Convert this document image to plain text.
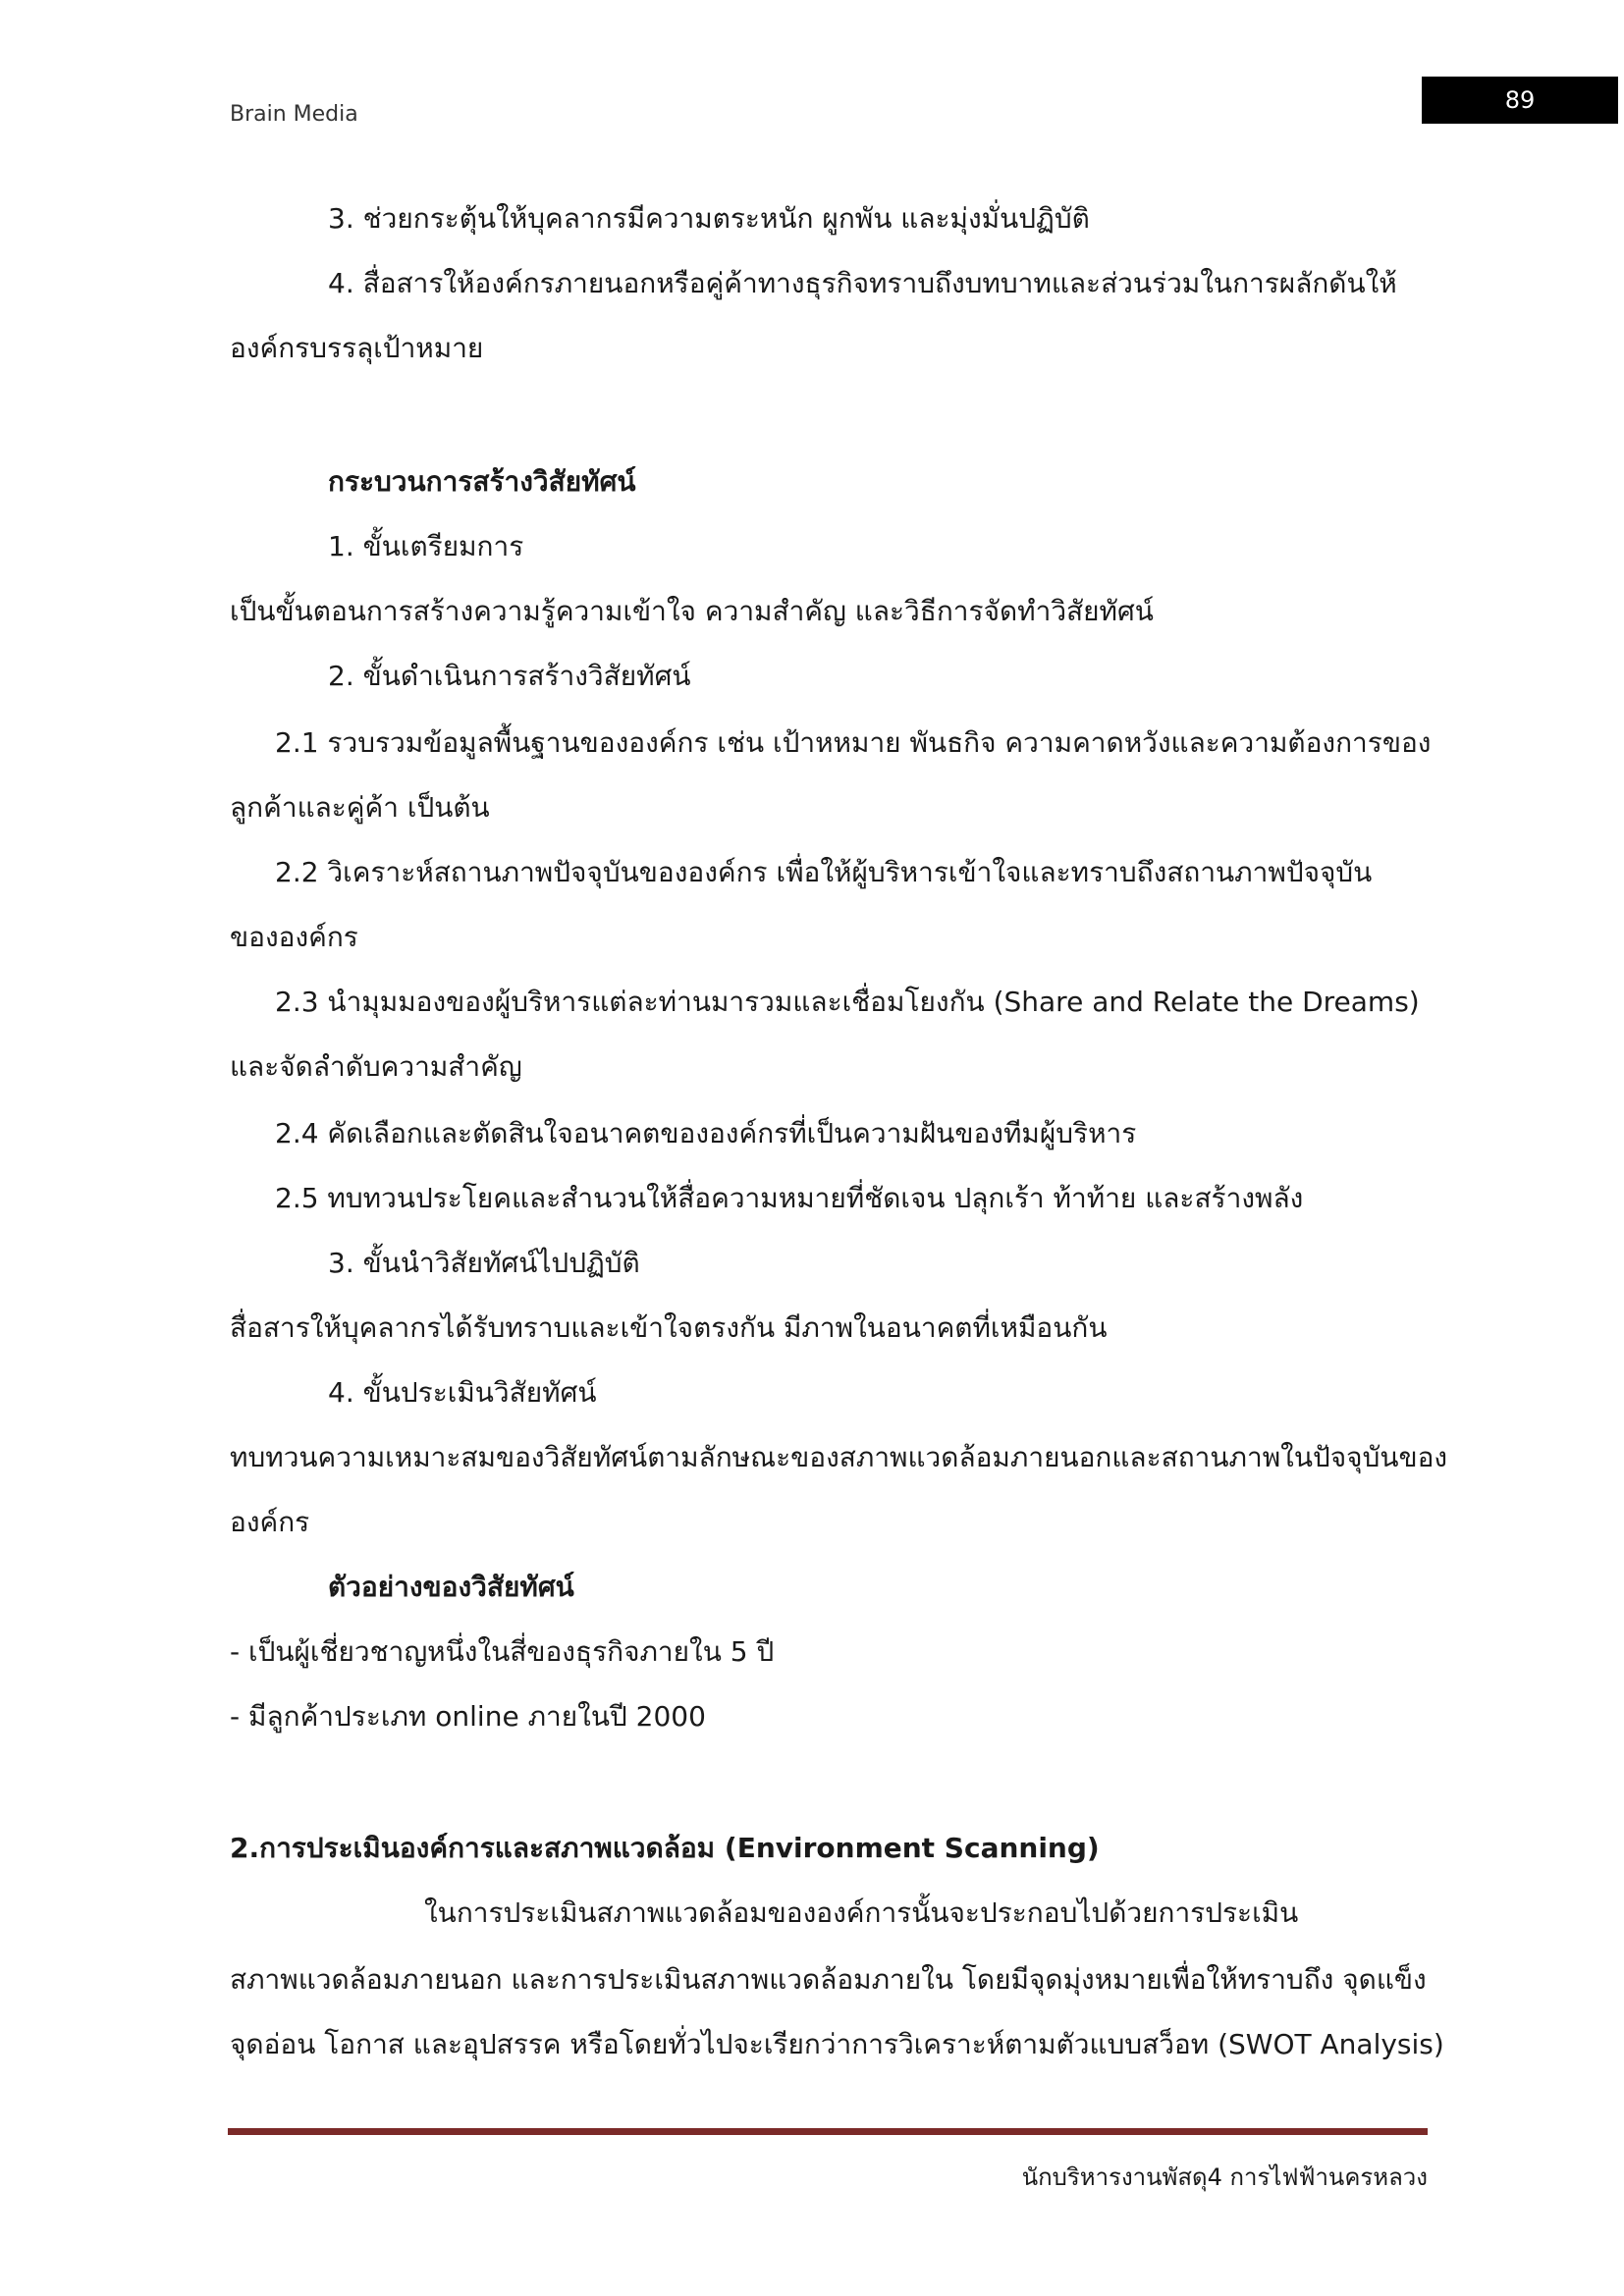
Brain Media
89
3. ช่วยกระตุ้นให้บุคลากรมีความตระหนัก ผูกพัน และมุ่งมั่นปฏิบัติ
4. สื่อสารให้องค์กรภายนอกหรือคู่ค้าทางธุรกิจทราบถึงบทบาทและส่วนร่วมในการผลักดันให้
องค์กรบรรลุเป้าหมาย
กระบวนการสร้างวิสัยทัศน์
1. ขั้นเตรียมการ
เป็นขั้นตอนการสร้างความรู้ความเข้าใจ ความสำคัญ และวิธีการจัดทำวิสัยทัศน์
2. ขั้นดำเนินการสร้างวิสัยทัศน์
2.1 รวบรวมข้อมูลพื้นฐานขององค์กร เช่น เป้าหหมาย พันธกิจ ความคาดหวังและความต้องการของ
ลูกค้าและคู่ค้า เป็นต้น
2.2 วิเคราะห์สถานภาพปัจจุบันขององค์กร เพื่อให้ผู้บริหารเข้าใจและทราบถึงสถานภาพปัจจุบัน
ขององค์กร
2.3 นำมุมมองของผู้บริหารแต่ละท่านมารวมและเชื่อมโยงกัน (Share and Relate the Dreams)
และจัดลำดับความสำคัญ
2.4 คัดเลือกและตัดสินใจอนาคตขององค์กรที่เป็นความฝันของทีมผู้บริหาร
2.5 ทบทวนประโยคและสำนวนให้สื่อความหมายที่ชัดเจน ปลุกเร้า ท้าท้าย และสร้างพลัง
3. ขั้นนำวิสัยทัศน์ไปปฏิบัติ
สื่อสารให้บุคลากรได้รับทราบและเข้าใจตรงกัน มีภาพในอนาคตที่เหมือนกัน
4. ขั้นประเมินวิสัยทัศน์
ทบทวนความเหมาะสมของวิสัยทัศน์ตามลักษณะของสภาพแวดล้อมภายนอกและสถานภาพในปัจจุบันของ
องค์กร
ตัวอย่างของวิสัยทัศน์
- เป็นผู้เชี่ยวชาญหนึ่งในสี่ของธุรกิจภายใน 5 ปี
- มีลูกค้าประเภท online ภายในปี 2000
2.การประเมินองค์การและสภาพแวดล้อม (Environment Scanning)
ในการประเมินสภาพแวดล้อมขององค์การนั้นจะประกอบไปด้วยการประเมิน
สภาพแวดล้อมภายนอก และการประเมินสภาพแวดล้อมภายใน โดยมีจุดมุ่งหมายเพื่อให้ทราบถึง จุดแข็ง
จุดอ่อน โอกาส และอุปสรรค หรือโดยทั่วไปจะเรียกว่าการวิเคราะห์ตามตัวแบบสว็อท (SWOT Analysis)
นักบริหารงานพัสดุ4 การไฟฟ้านครหลวง
